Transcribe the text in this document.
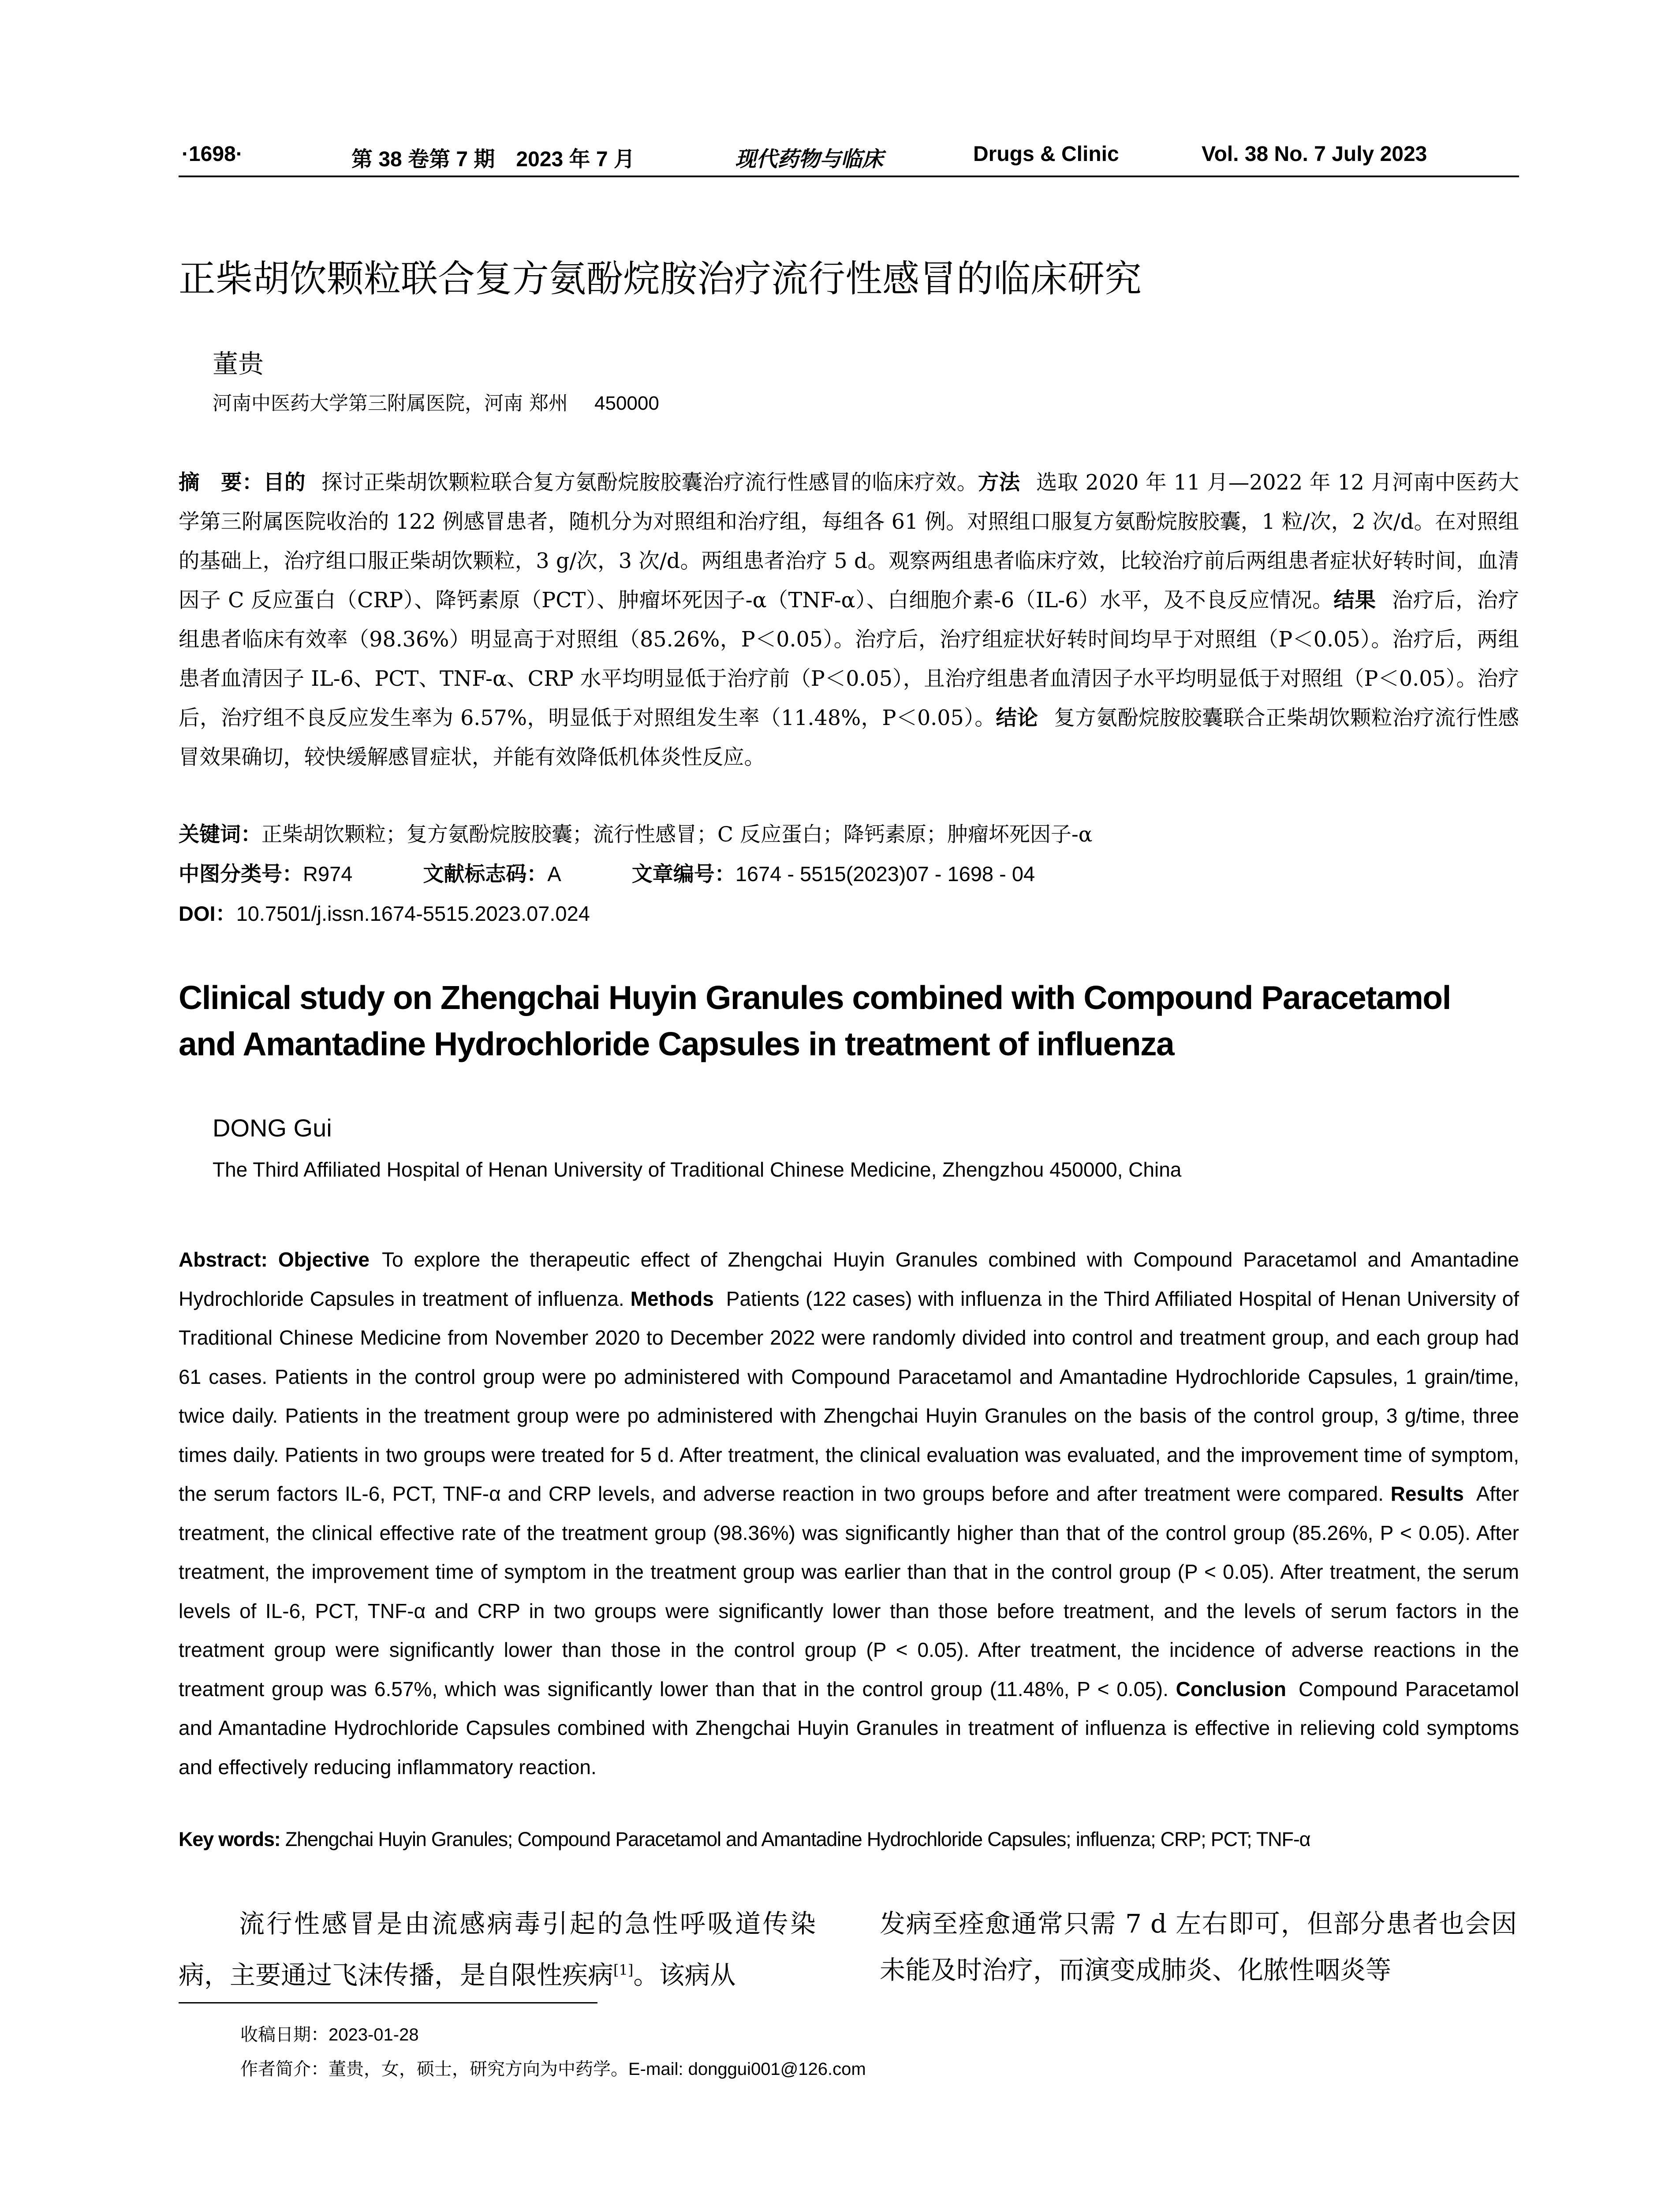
·1698·	第 38 卷第 7 期　2023 年 7 月	现代药物与临床	Drugs & Clinic	Vol. 38 No. 7 July 2023
正柴胡饮颗粒联合复方氨酚烷胺治疗流行性感冒的临床研究
董贵
河南中医药大学第三附属医院，河南 郑州 450000
摘　要：目的 探讨正柴胡饮颗粒联合复方氨酚烷胺胶囊治疗流行性感冒的临床疗效。方法 选取 2020 年 11 月—2022 年 12 月河南中医药大学第三附属医院收治的 122 例感冒患者，随机分为对照组和治疗组，每组各 61 例。对照组口服复方氨酚烷胺胶囊，1 粒/次，2 次/d。在对照组的基础上，治疗组口服正柴胡饮颗粒，3 g/次，3 次/d。两组患者治疗 5 d。观察两组患者临床疗效，比较治疗前后两组患者症状好转时间，血清因子 C 反应蛋白（CRP）、降钙素原（PCT）、肿瘤坏死因子-α（TNF-α）、白细胞介素-6（IL-6）水平，及不良反应情况。结果 治疗后，治疗组患者临床有效率（98.36%）明显高于对照组（85.26%，P＜0.05）。治疗后，治疗组症状好转时间均早于对照组（P＜0.05）。治疗后，两组患者血清因子 IL-6、PCT、TNF-α、CRP 水平均明显低于治疗前（P＜0.05），且治疗组患者血清因子水平均明显低于对照组（P＜0.05）。治疗后，治疗组不良反应发生率为 6.57%，明显低于对照组发生率（11.48%，P＜0.05）。结论 复方氨酚烷胺胶囊联合正柴胡饮颗粒治疗流行性感冒效果确切，较快缓解感冒症状，并能有效降低机体炎性反应。
关键词：正柴胡饮颗粒；复方氨酚烷胺胶囊；流行性感冒；C 反应蛋白；降钙素原；肿瘤坏死因子-α
中图分类号：R974	文献标志码：A	文章编号：1674 - 5515(2023)07 - 1698 - 04
DOI：10.7501/j.issn.1674-5515.2023.07.024
Clinical study on Zhengchai Huyin Granules combined with Compound Paracetamol
and Amantadine Hydrochloride Capsules in treatment of influenza
DONG Gui
The Third Affiliated Hospital of Henan University of Traditional Chinese Medicine, Zhengzhou 450000, China
Abstract: Objective To explore the therapeutic effect of Zhengchai Huyin Granules combined with Compound Paracetamol and Amantadine Hydrochloride Capsules in treatment of influenza. Methods Patients (122 cases) with influenza in the Third Affiliated Hospital of Henan University of Traditional Chinese Medicine from November 2020 to December 2022 were randomly divided into control and treatment group, and each group had 61 cases. Patients in the control group were po administered with Compound Paracetamol and Amantadine Hydrochloride Capsules, 1 grain/time, twice daily. Patients in the treatment group were po administered with Zhengchai Huyin Granules on the basis of the control group, 3 g/time, three times daily. Patients in two groups were treated for 5 d. After treatment, the clinical evaluation was evaluated, and the improvement time of symptom, the serum factors IL-6, PCT, TNF-α and CRP levels, and adverse reaction in two groups before and after treatment were compared. Results After treatment, the clinical effective rate of the treatment group (98.36%) was significantly higher than that of the control group (85.26%, P < 0.05). After treatment, the improvement time of symptom in the treatment group was earlier than that in the control group (P < 0.05). After treatment, the serum levels of IL-6, PCT, TNF-α and CRP in two groups were significantly lower than those before treatment, and the levels of serum factors in the treatment group were significantly lower than those in the control group (P < 0.05). After treatment, the incidence of adverse reactions in the treatment group was 6.57%, which was significantly lower than that in the control group (11.48%, P < 0.05). Conclusion Compound Paracetamol and Amantadine Hydrochloride Capsules combined with Zhengchai Huyin Granules in treatment of influenza is effective in relieving cold symptoms and effectively reducing inflammatory reaction.
Key words: Zhengchai Huyin Granules; Compound Paracetamol and Amantadine Hydrochloride Capsules; influenza; CRP; PCT; TNF-α
流行性感冒是由流感病毒引起的急性呼吸道传染病，主要通过飞沫传播，是自限性疾病[1]。该病从
发病至痊愈通常只需 7 d 左右即可，但部分患者也会因未能及时治疗，而演变成肺炎、化脓性咽炎等
收稿日期：2023-01-28
作者简介：董贵，女，硕士，研究方向为中药学。E-mail: donggui001@126.com
